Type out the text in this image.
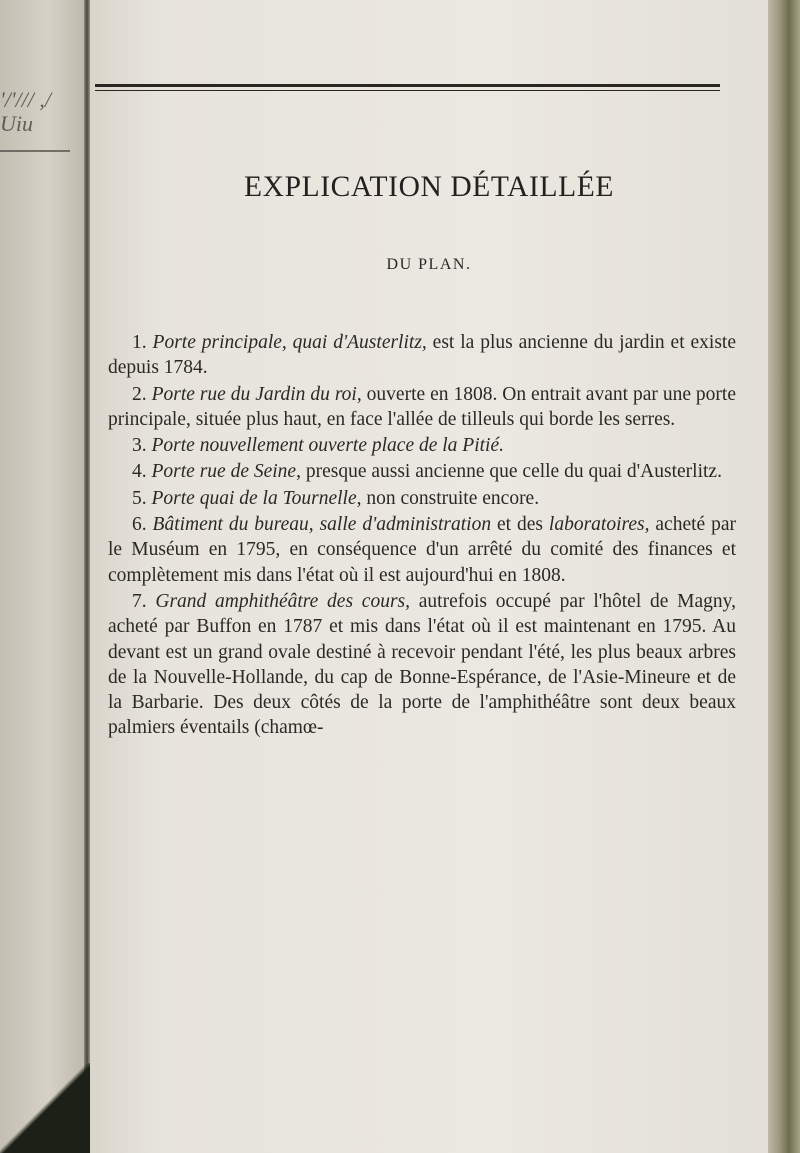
'/'/// ,/
Uiu
EXPLICATION DÉTAILLÉE
DU PLAN.

1. Porte principale, quai d'Austerlitz, est la plus ancienne du jardin et existe depuis 1784.

2. Porte rue du Jardin du roi, ouverte en 1808. On entrait avant par une porte principale, située plus haut, en face l'allée de tilleuls qui borde les serres.

3. Porte nouvellement ouverte place de la Pitié.

4. Porte rue de Seine, presque aussi ancienne que celle du quai d'Austerlitz.

5. Porte quai de la Tournelle, non construite encore.

6. Bâtiment du bureau, salle d'administration et des laboratoires, acheté par le Muséum en 1795, en conséquence d'un arrêté du comité des finances et complètement mis dans l'état où il est aujourd'hui en 1808.

7. Grand amphithéâtre des cours, autrefois occupé par l'hôtel de Magny, acheté par Buffon en 1787 et mis dans l'état où il est maintenant en 1795. Au devant est un grand ovale destiné à recevoir pendant l'été, les plus beaux arbres de la Nouvelle-Hollande, du cap de Bonne-Espérance, de l'Asie-Mineure et de la Barbarie. Des deux côtés de la porte de l'amphithéâtre sont deux beaux palmiers éventails (chamœ-
